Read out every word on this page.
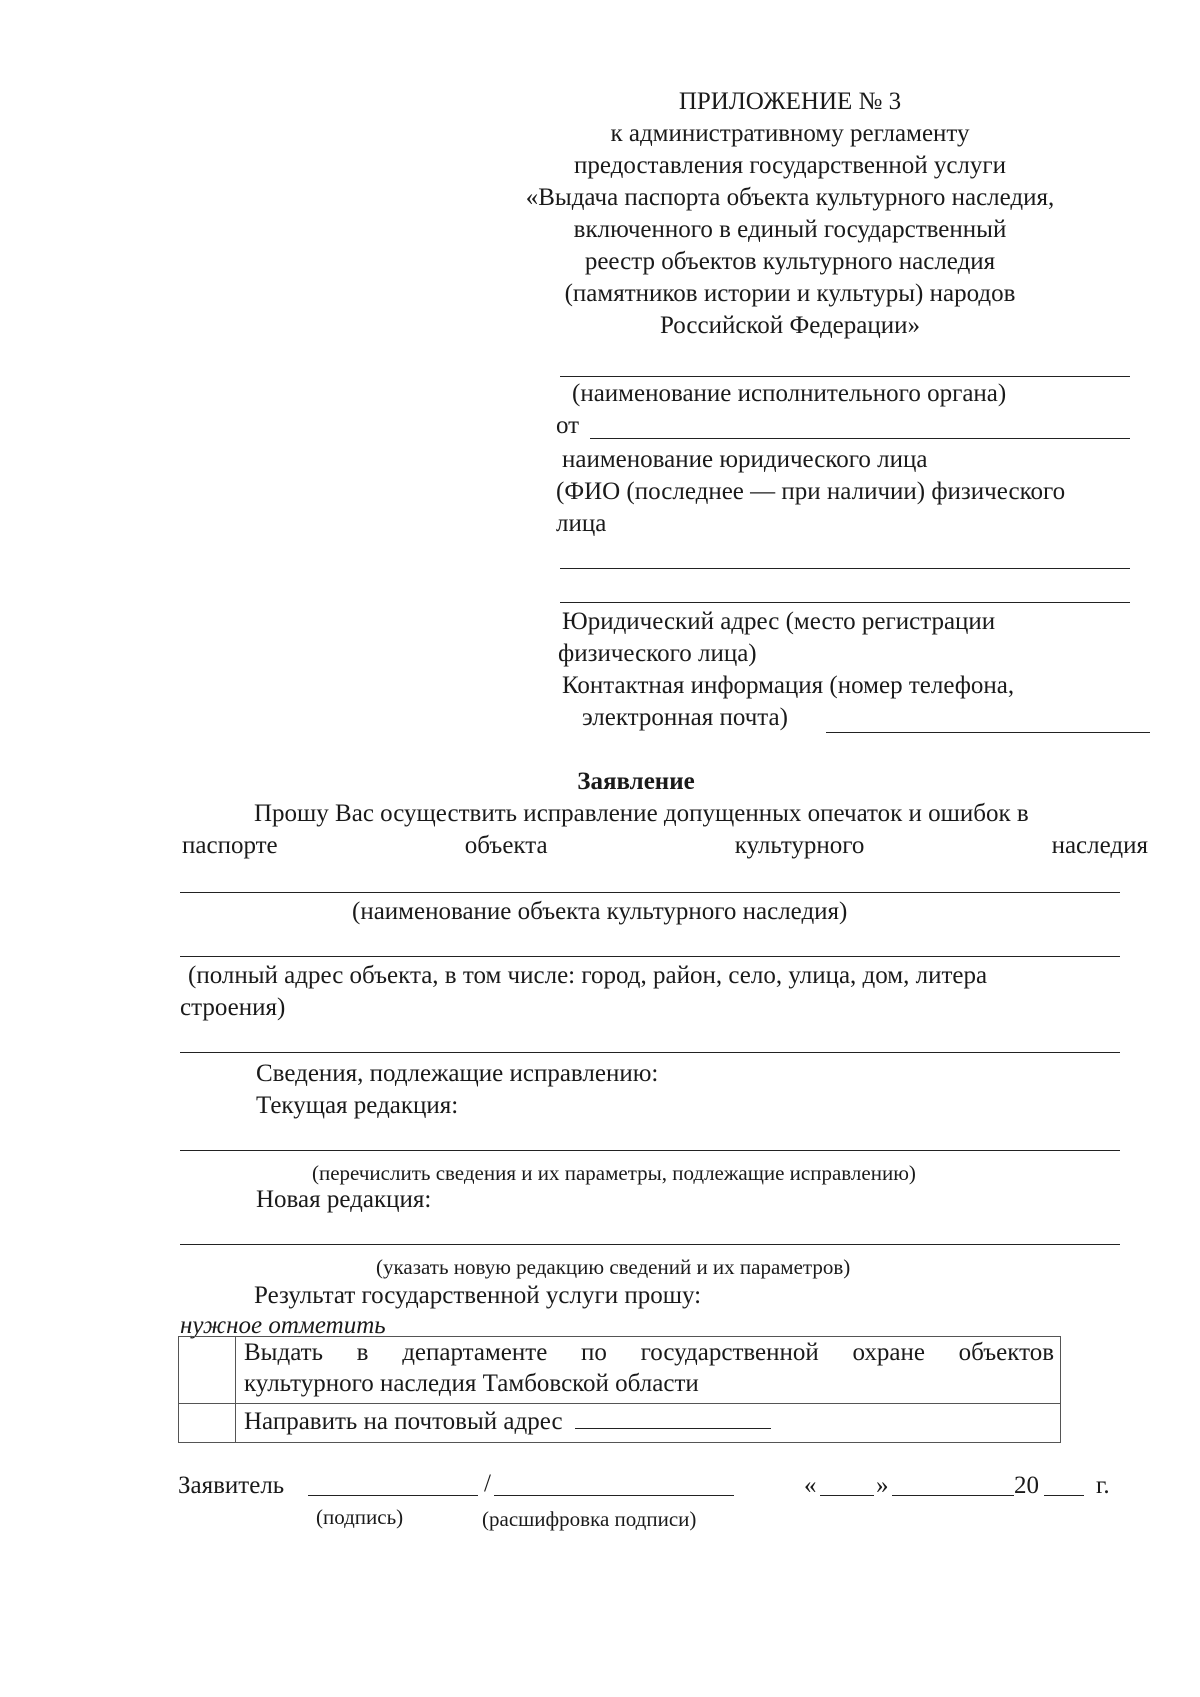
ПРИЛОЖЕНИЕ № 3
к административному регламенту
предоставления государственной услуги
«Выдача паспорта объекта культурного наследия,
включенного в единый государственный
реестр объектов культурного наследия
(памятников истории и культуры) народов
Российской Федерации»
(наименование исполнительного органа)
от
наименование юридического лица
(ФИО (последнее — при наличии) физического
лица
Юридический адрес (место регистрации
физического лица)
Контактная информация (номер телефона,
электронная почта)
Заявление
Прошу Вас осуществить исправление допущенных опечаток и ошибок в
паспорте	объекта	культурного	наследия
(наименование объекта культурного наследия)
(полный адрес объекта, в том числе: город, район, село, улица, дом, литера
строения)
Сведения, подлежащие исправлению:
Текущая редакция:
(перечислить сведения и их параметры, подлежащие исправлению)
Новая редакция:
(указать новую редакцию сведений и их параметров)
Результат государственной услуги прошу:
нужное отметить

	Выдать в департаменте по государственной охране объектов
культурного наследия Тамбовской области

	Направить на почтовый адрес
Заявитель	/	« »	20 г.
(подпись)	(расшифровка подписи)
